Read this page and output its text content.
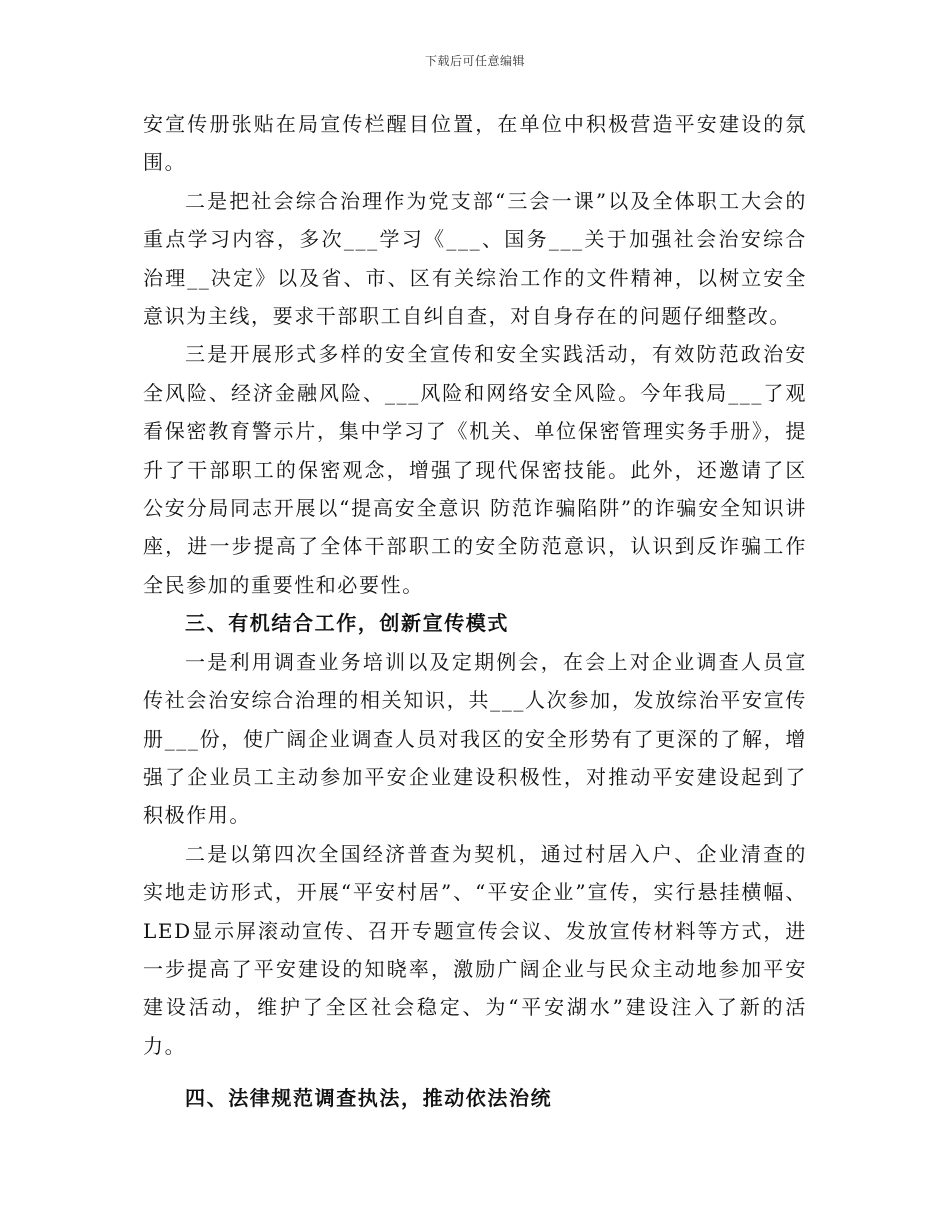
下载后可任意编辑

安宣传册张贴在局宣传栏醒目位置，在单位中积极营造平安建设的氛围。

二是把社会综合治理作为党支部“三会一课”以及全体职工大会的重点学习内容，多次___学习《___、国务___关于加强社会治安综合治理__决定》以及省、市、区有关综治工作的文件精神，以树立安全意识为主线，要求干部职工自纠自查，对自身存在的问题仔细整改。

三是开展形式多样的安全宣传和安全实践活动，有效防范政治安全风险、经济金融风险、___风险和网络安全风险。今年我局___了观看保密教育警示片，集中学习了《机关、单位保密管理实务手册》，提升了干部职工的保密观念，增强了现代保密技能。此外，还邀请了区公安分局同志开展以“提高安全意识 防范诈骗陷阱”的诈骗安全知识讲座，进一步提高了全体干部职工的安全防范意识，认识到反诈骗工作全民参加的重要性和必要性。

三、有机结合工作，创新宣传模式

一是利用调查业务培训以及定期例会，在会上对企业调查人员宣传社会治安综合治理的相关知识，共___人次参加，发放综治平安宣传册___份，使广阔企业调查人员对我区的安全形势有了更深的了解，增强了企业员工主动参加平安企业建设积极性，对推动平安建设起到了积极作用。

二是以第四次全国经济普查为契机，通过村居入户、企业清查的实地走访形式，开展“平安村居”、“平安企业”宣传，实行悬挂横幅、LED显示屏滚动宣传、召开专题宣传会议、发放宣传材料等方式，进一步提高了平安建设的知晓率，激励广阔企业与民众主动地参加平安建设活动，维护了全区社会稳定、为“平安湖水”建设注入了新的活力。

四、法律规范调查执法，推动依法治统
